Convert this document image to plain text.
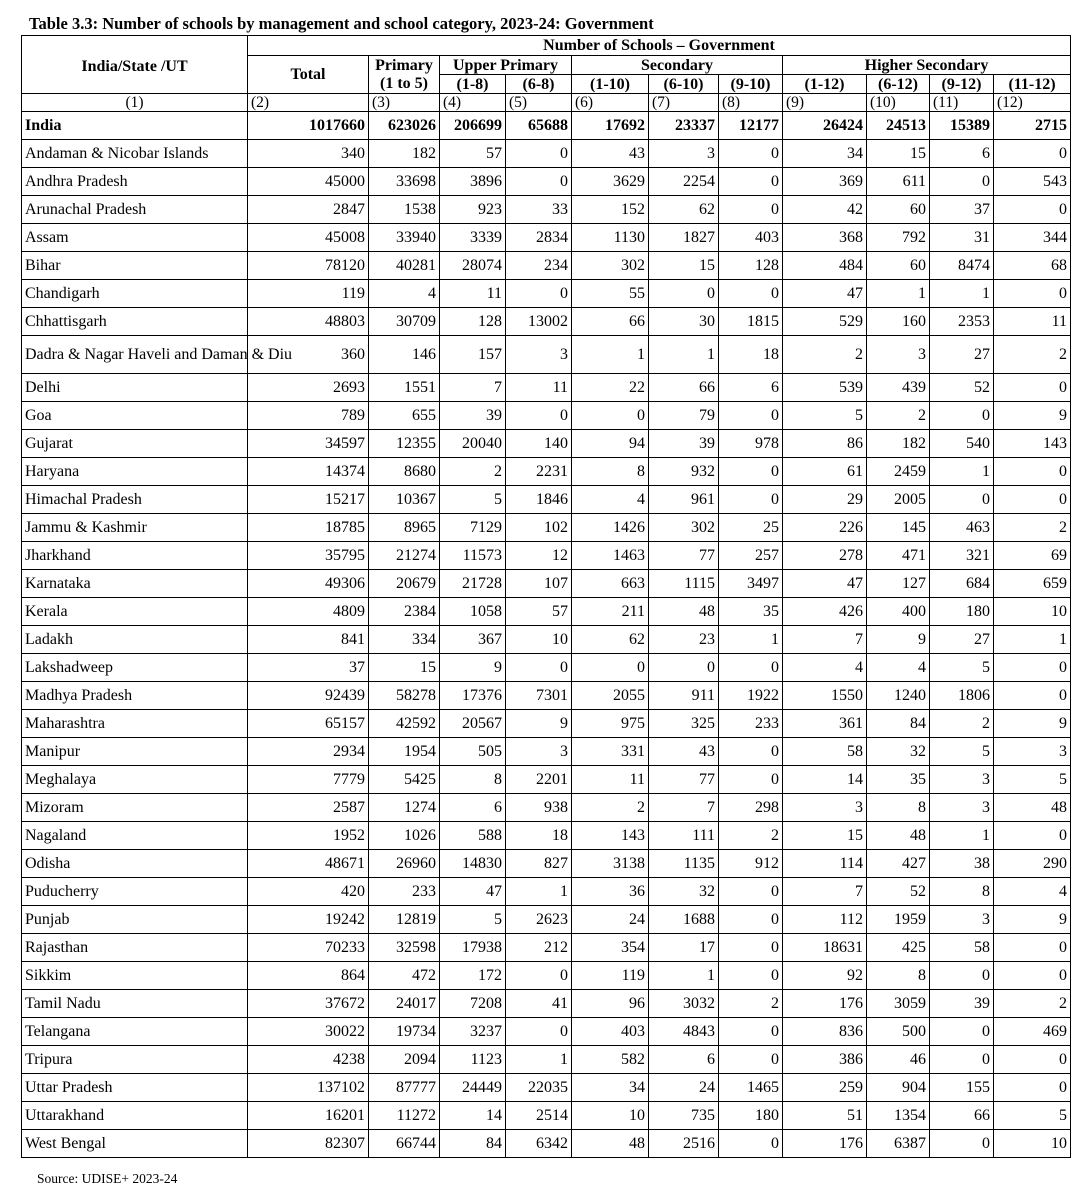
Table 3.3: Number of schools by management and school category, 2023-24: Government
India/State /UT	Number of Schools – Government										
	Total	Primary	Upper Primary		Secondary			Higher Secondary			
		(1 to 5)	(1-8)	(6-8)	(1-10)	(6-10)	(9-10)	(1-12)	(6-12)	(9-12)	(11-12)
(1)	(2)	(3)	(4)	(5)	(6)	(7)	(8)	(9)	(10)	(11)	(12)
India	1017660	623026	206699	65688	17692	23337	12177	26424	24513	15389	2715
Andaman & Nicobar Islands	340	182	57	0	43	3	0	34	15	6	0
Andhra Pradesh	45000	33698	3896	0	3629	2254	0	369	611	0	543
Arunachal Pradesh	2847	1538	923	33	152	62	0	42	60	37	0
Assam	45008	33940	3339	2834	1130	1827	403	368	792	31	344
Bihar	78120	40281	28074	234	302	15	128	484	60	8474	68
Chandigarh	119	4	11	0	55	0	0	47	1	1	0
Chhattisgarh	48803	30709	128	13002	66	30	1815	529	160	2353	11
Dadra & Nagar Haveli and Daman & Diu	360	146	157	3	1	1	18	2	3	27	2
Delhi	2693	1551	7	11	22	66	6	539	439	52	0
Goa	789	655	39	0	0	79	0	5	2	0	9
Gujarat	34597	12355	20040	140	94	39	978	86	182	540	143
Haryana	14374	8680	2	2231	8	932	0	61	2459	1	0
Himachal Pradesh	15217	10367	5	1846	4	961	0	29	2005	0	0
Jammu & Kashmir	18785	8965	7129	102	1426	302	25	226	145	463	2
Jharkhand	35795	21274	11573	12	1463	77	257	278	471	321	69
Karnataka	49306	20679	21728	107	663	1115	3497	47	127	684	659
Kerala	4809	2384	1058	57	211	48	35	426	400	180	10
Ladakh	841	334	367	10	62	23	1	7	9	27	1
Lakshadweep	37	15	9	0	0	0	0	4	4	5	0
Madhya Pradesh	92439	58278	17376	7301	2055	911	1922	1550	1240	1806	0
Maharashtra	65157	42592	20567	9	975	325	233	361	84	2	9
Manipur	2934	1954	505	3	331	43	0	58	32	5	3
Meghalaya	7779	5425	8	2201	11	77	0	14	35	3	5
Mizoram	2587	1274	6	938	2	7	298	3	8	3	48
Nagaland	1952	1026	588	18	143	111	2	15	48	1	0
Odisha	48671	26960	14830	827	3138	1135	912	114	427	38	290
Puducherry	420	233	47	1	36	32	0	7	52	8	4
Punjab	19242	12819	5	2623	24	1688	0	112	1959	3	9
Rajasthan	70233	32598	17938	212	354	17	0	18631	425	58	0
Sikkim	864	472	172	0	119	1	0	92	8	0	0
Tamil Nadu	37672	24017	7208	41	96	3032	2	176	3059	39	2
Telangana	30022	19734	3237	0	403	4843	0	836	500	0	469
Tripura	4238	2094	1123	1	582	6	0	386	46	0	0
Uttar Pradesh	137102	87777	24449	22035	34	24	1465	259	904	155	0
Uttarakhand	16201	11272	14	2514	10	735	180	51	1354	66	5
West Bengal	82307	66744	84	6342	48	2516	0	176	6387	0	10
Source: UDISE+ 2023-24
